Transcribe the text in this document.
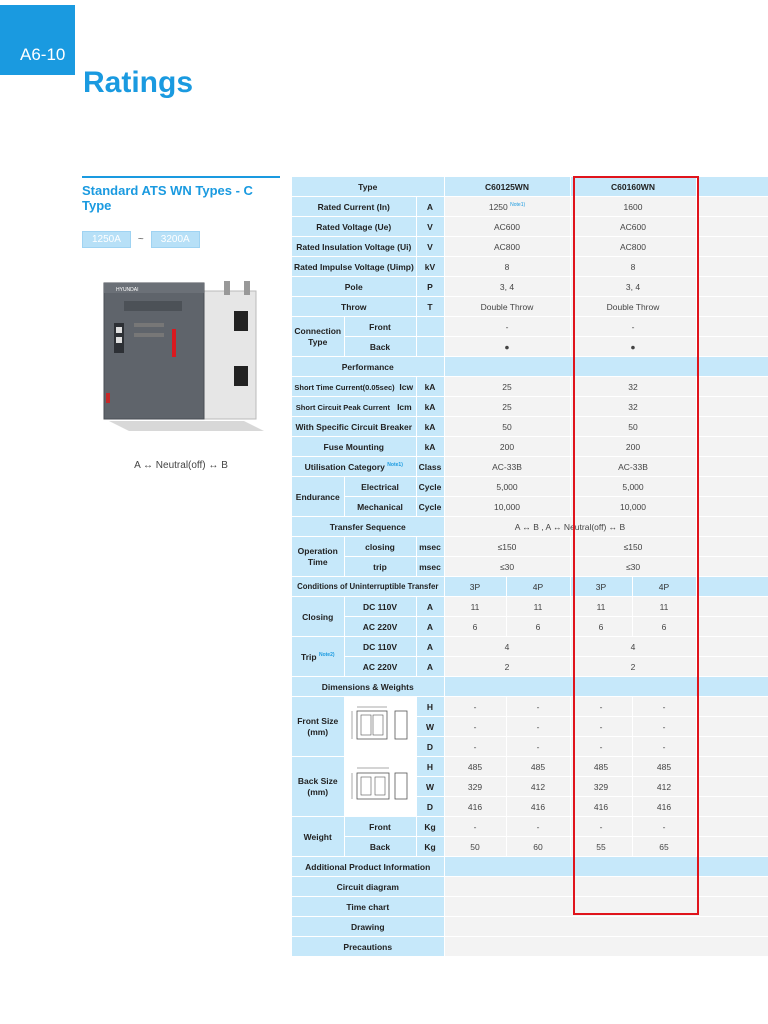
A6-10
Ratings
Standard ATS WN Types - C Type
1250A	~	3200A
HYUNDAI
A ↔ Neutral(off) ↔ B
Type			C60125WN		C60160WN		
Rated Current (In)		A	1250 $^{Note1)}$		1600		
Rated Voltage (Ue)		V	AC600		AC600		
Rated Insulation Voltage (Ui)		V	AC800		AC800		
Rated Impulse Voltage (Uimp)		kV	8		8		
Pole		P	3, 4		3, 4		
Throw		T	Double Throw		Double Throw		
Connection Type	Front		-		-		
	Back		●		●		
Performance							
Short Time Current(0.05sec) Icw		kA	25		32		
Short Circuit Peak Current Icm		kA	25		32		
With Specific Circuit Breaker		kA	50		50		
Fuse Mounting		kA	200		200		
Utilisation Category $^{Note1)}$		Class	AC-33B		AC-33B		
Endurance	Electrical	Cycle	5,000		5,000		
	Mechanical	Cycle	10,000		10,000		
Transfer Sequence			A ↔ B , A ↔ Neutral(off) ↔ B				
Operation Time	closing	msec	≤150		≤150		
	trip	msec	≤30		≤30		
Conditions of Uninterruptible Transfer			3P	4P	3P	4P	
Closing	DC 110V	A	11	11	11	11	
	AC 220V	A	6	6	6	6	
Trip $^{Note2)}$	DC 110V	A	4		4		
	AC 220V	A	2		2		
Dimensions & Weights							
Front Size (mm)		H	-	-	-	-	
		W	-	-	-	-	
		D	-	-	-	-	
Back Size (mm)		H	485	485	485	485	
		W	329	412	329	412	
		D	416	416	416	416	
Weight	Front	Kg	-	-	-	-	
	Back	Kg	50	60	55	65	
Additional Product Information							
Circuit diagram							
Time chart							
Drawing							
Precautions							
